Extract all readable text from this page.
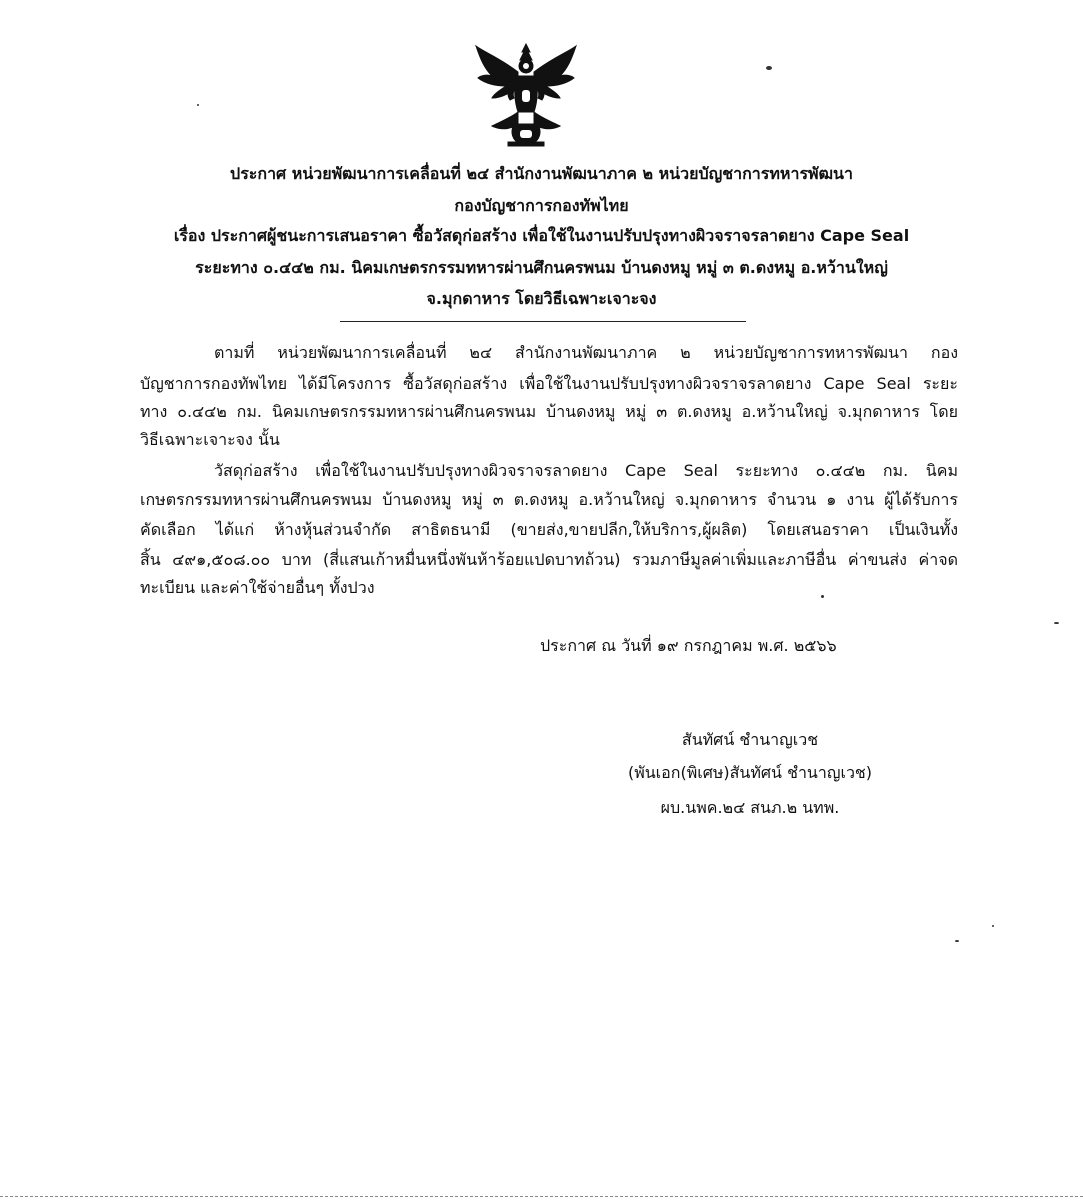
ประกาศ หน่วยพัฒนาการเคลื่อนที่ ๒๔ สำนักงานพัฒนาภาค ๒ หน่วยบัญชาการทหารพัฒนา
กองบัญชาการกองทัพไทย
เรื่อง ประกาศผู้ชนะการเสนอราคา ซื้อวัสดุก่อสร้าง เพื่อใช้ในงานปรับปรุงทางผิวจราจรลาดยาง Cape Seal
ระยะทาง ๐.๔๔๒ กม. นิคมเกษตรกรรมทหารผ่านศึกนครพนม บ้านดงหมู หมู่ ๓ ต.ดงหมู อ.หว้านใหญ่
จ.มุกดาหาร โดยวิธีเฉพาะเจาะจง
ตามที่ หน่วยพัฒนาการเคลื่อนที่ ๒๔ สำนักงานพัฒนาภาค ๒ หน่วยบัญชาการทหารพัฒนา กอง
บัญชาการกองทัพไทย ได้มีโครงการ ซื้อวัสดุก่อสร้าง เพื่อใช้ในงานปรับปรุงทางผิวจราจรลาดยาง Cape Seal ระยะ
ทาง ๐.๔๔๒ กม. นิคมเกษตรกรรมทหารผ่านศึกนครพนม บ้านดงหมู หมู่ ๓ ต.ดงหมู อ.หว้านใหญ่ จ.มุกดาหาร โดย
วิธีเฉพาะเจาะจง นั้น
วัสดุก่อสร้าง เพื่อใช้ในงานปรับปรุงทางผิวจราจรลาดยาง Cape Seal ระยะทาง ๐.๔๔๒ กม. นิคม
เกษตรกรรมทหารผ่านศึกนครพนม บ้านดงหมู หมู่ ๓ ต.ดงหมู อ.หว้านใหญ่ จ.มุกดาหาร จำนวน ๑ งาน ผู้ได้รับการ
คัดเลือก ได้แก่ ห้างหุ้นส่วนจำกัด สาธิตธนามี (ขายส่ง,ขายปลีก,ให้บริการ,ผู้ผลิต) โดยเสนอราคา เป็นเงินทั้ง
สิ้น ๔๙๑,๕๐๘.๐๐ บาท (สี่แสนเก้าหมื่นหนึ่งพันห้าร้อยแปดบาทถ้วน) รวมภาษีมูลค่าเพิ่มและภาษีอื่น ค่าขนส่ง ค่าจด
ทะเบียน และค่าใช้จ่ายอื่นๆ ทั้งปวง
ประกาศ ณ วันที่ ๑๙ กรกฎาคม พ.ศ. ๒๕๖๖
สันทัศน์ ชำนาญเวช
(พันเอก(พิเศษ)สันทัศน์ ชำนาญเวช)
ผบ.นพค.๒๔ สนภ.๒ นทพ.
